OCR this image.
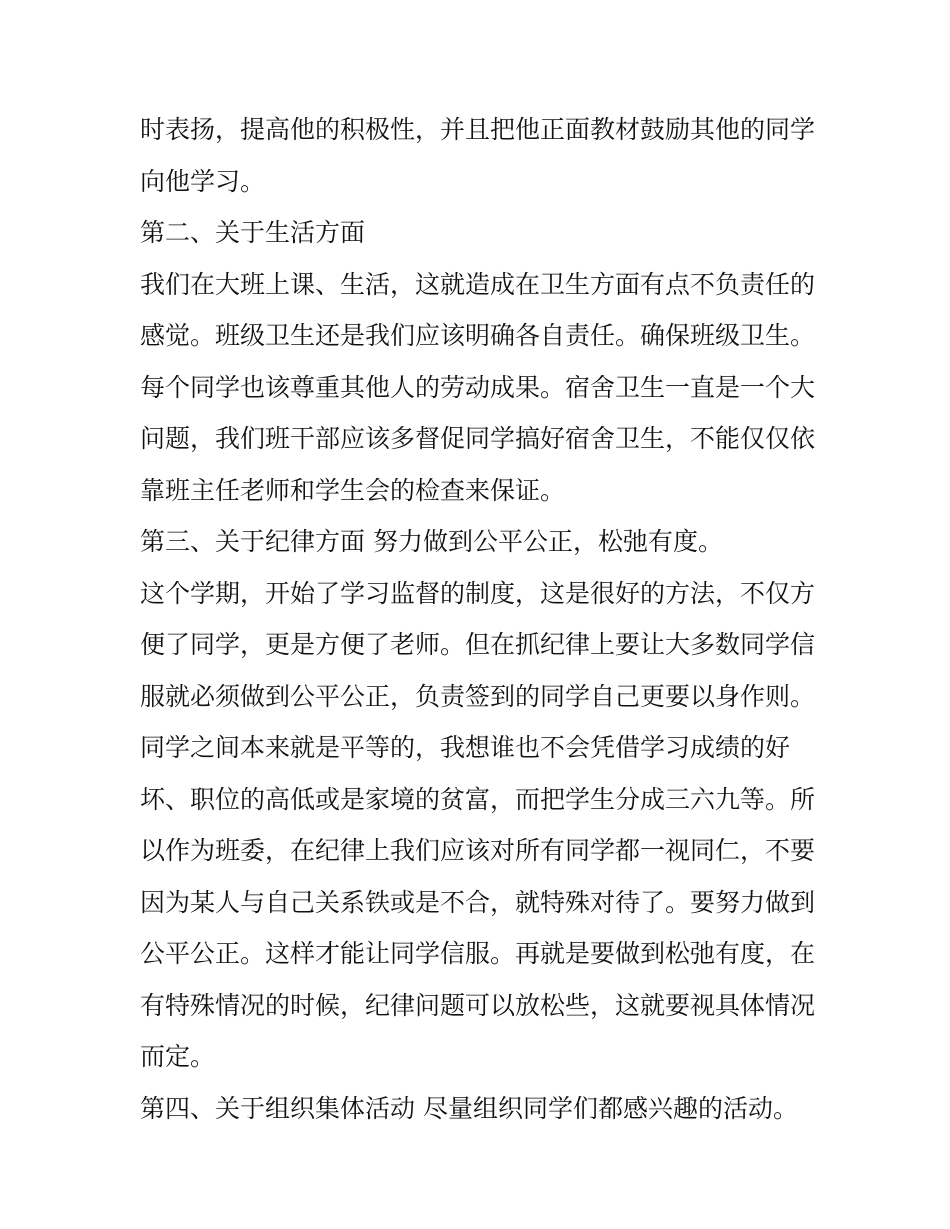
时表扬，提高他的积极性，并且把他正面教材鼓励其他的同学
向他学习。
第二、关于生活方面
我们在大班上课、生活，这就造成在卫生方面有点不负责任的
感觉。班级卫生还是我们应该明确各自责任。确保班级卫生。
每个同学也该尊重其他人的劳动成果。宿舍卫生一直是一个大
问题，我们班干部应该多督促同学搞好宿舍卫生，不能仅仅依
靠班主任老师和学生会的检查来保证。
第三、关于纪律方面 努力做到公平公正，松弛有度。
这个学期，开始了学习监督的制度，这是很好的方法，不仅方
便了同学，更是方便了老师。但在抓纪律上要让大多数同学信
服就必须做到公平公正，负责签到的同学自己更要以身作则。
同学之间本来就是平等的，我想谁也不会凭借学习成绩的好
坏、职位的高低或是家境的贫富，而把学生分成三六九等。所
以作为班委，在纪律上我们应该对所有同学都一视同仁，不要
因为某人与自己关系铁或是不合，就特殊对待了。要努力做到
公平公正。这样才能让同学信服。再就是要做到松弛有度，在
有特殊情况的时候，纪律问题可以放松些，这就要视具体情况
而定。
第四、关于组织集体活动 尽量组织同学们都感兴趣的活动。
